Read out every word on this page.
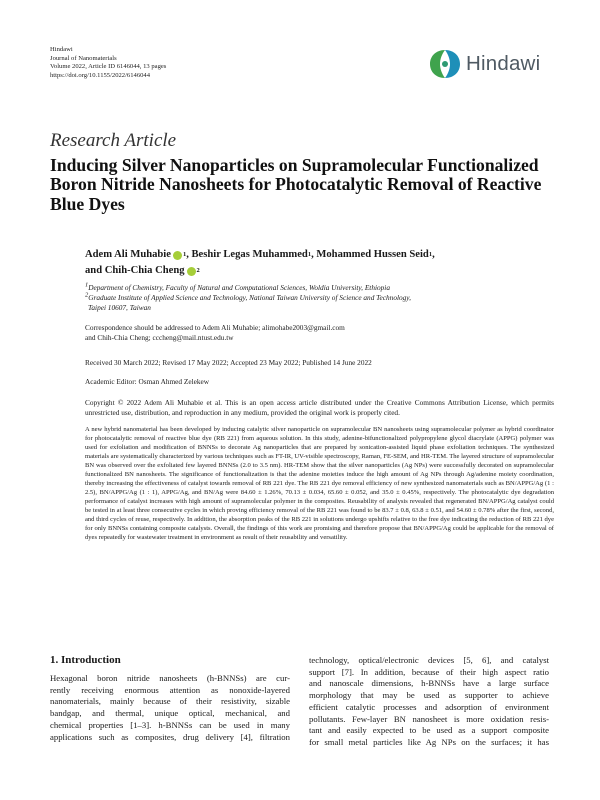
Hindawi
Journal of Nanomaterials
Volume 2022, Article ID 6146044, 13 pages
https://doi.org/10.1155/2022/6146044
Hindawi
Research Article
Inducing Silver Nanoparticles on Supramolecular Functionalized
Boron Nitride Nanosheets for Photocatalytic Removal of Reactive
Blue Dyes
Adem Ali Muhabie 1 , Beshir Legas Muhammed 1 , Mohammed Hussen Seid 1 ,
and Chih-Chia Cheng 2
$^1$Department of Chemistry, Faculty of Natural and Computational Sciences, Woldia University, Ethiopia
$^2$Graduate Institute of Applied Science and Technology, National Taiwan University of Science and Technology,
Taipei 10607, Taiwan
Correspondence should be addressed to Adem Ali Muhabie; alimohabe2003@gmail.com
and Chih-Chia Cheng; cccheng@mail.ntust.edu.tw
Received 30 March 2022; Revised 17 May 2022; Accepted 23 May 2022; Published 14 June 2022
Academic Editor: Osman Ahmed Zelekew
Copyright © 2022 Adem Ali Muhabie et al. This is an open access article distributed under the Creative Commons Attribution License, which permits unrestricted use, distribution, and reproduction in any medium, provided the original work is properly cited.
A new hybrid nanomaterial has been developed by inducing catalytic silver nanoparticle on supramolecular BN nanosheets using supramolecular polymer as hybrid coordinator for photocatalytic removal of reactive blue dye (RB 221) from aqueous solution. In this study, adenine-bifunctionalized polypropylene glycol diacrylate (APPG) polymer was used for exfoliation and modification of BNNSs to decorate Ag nanoparticles that are prepared by sonication-assisted liquid phase exfoliation techniques. The synthesized materials are systematically characterized by various techniques such as FT-IR, UV-visible spectroscopy, Raman, FE-SEM, and HR-TEM. The layered structure of supramolecular BN was observed over the exfoliated few layered BNNSs (2.0 to 3.5 nm). HR-TEM show that the silver nanoparticles (Ag NPs) were successfully decorated on supramolecular functionalized BN nanosheets. The significance of functionalization is that the adenine moieties induce the high amount of Ag NPs through Ag/adenine moiety coordination, thereby increasing the effectiveness of catalyst towards removal of RB 221 dye. The RB 221 dye removal efficiency of new synthesized nanomaterials such as BN/APPG/Ag (1 : 2.5), BN/APPG/Ag (1 : 1), APPG/Ag, and BN/Ag were 84.60 ± 1.26%, 70.13 ± 0.034, 65.60 ± 0.052, and 35.0 ± 0.45%, respectively. The photocatalytic dye degradation performance of catalyst increases with high amount of supramolecular polymer in the composites. Reusability of analysis revealed that regenerated BN/APPG/Ag catalyst could be tested in at least three consecutive cycles in which proving efficiency removal of the RB 221 was found to be 83.7 ± 0.8, 63.8 ± 0.51, and 54.60 ± 0.78% after the first, second, and third cycles of reuse, respectively. In addition, the absorption peaks of the RB 221 in solutions undergo upshifts relative to the free dye indicating the reduction of RB 221 dye for only BNNSs containing composite catalysts. Overall, the findings of this work are promising and therefore propose that BN/APPG/Ag could be applicable for the removal of dyes repeatedly for wastewater treatment in environment as result of their reusability and versatility.
1. Introduction
Hexagonal boron nitride nanosheets (h-BNNSs) are cur-
rently receiving enormous attention as nonoxide-layered
nanomaterials, mainly because of their resistivity, sizable
bandgap, and thermal, unique optical, mechanical, and
chemical properties [1–3]. h-BNNSs can be used in many
applications such as composites, drug delivery [4], filtration
technology, optical/electronic devices [5, 6], and catalyst
support [7]. In addition, because of their high aspect ratio
and nanoscale dimensions, h-BNNSs have a large surface
morphology that may be used as supporter to achieve
efficient catalytic processes and adsorption of environment
pollutants. Few-layer BN nanosheet is more oxidation resis-
tant and easily expected to be used as a support composite
for small metal particles like Ag NPs on the surfaces; it has
